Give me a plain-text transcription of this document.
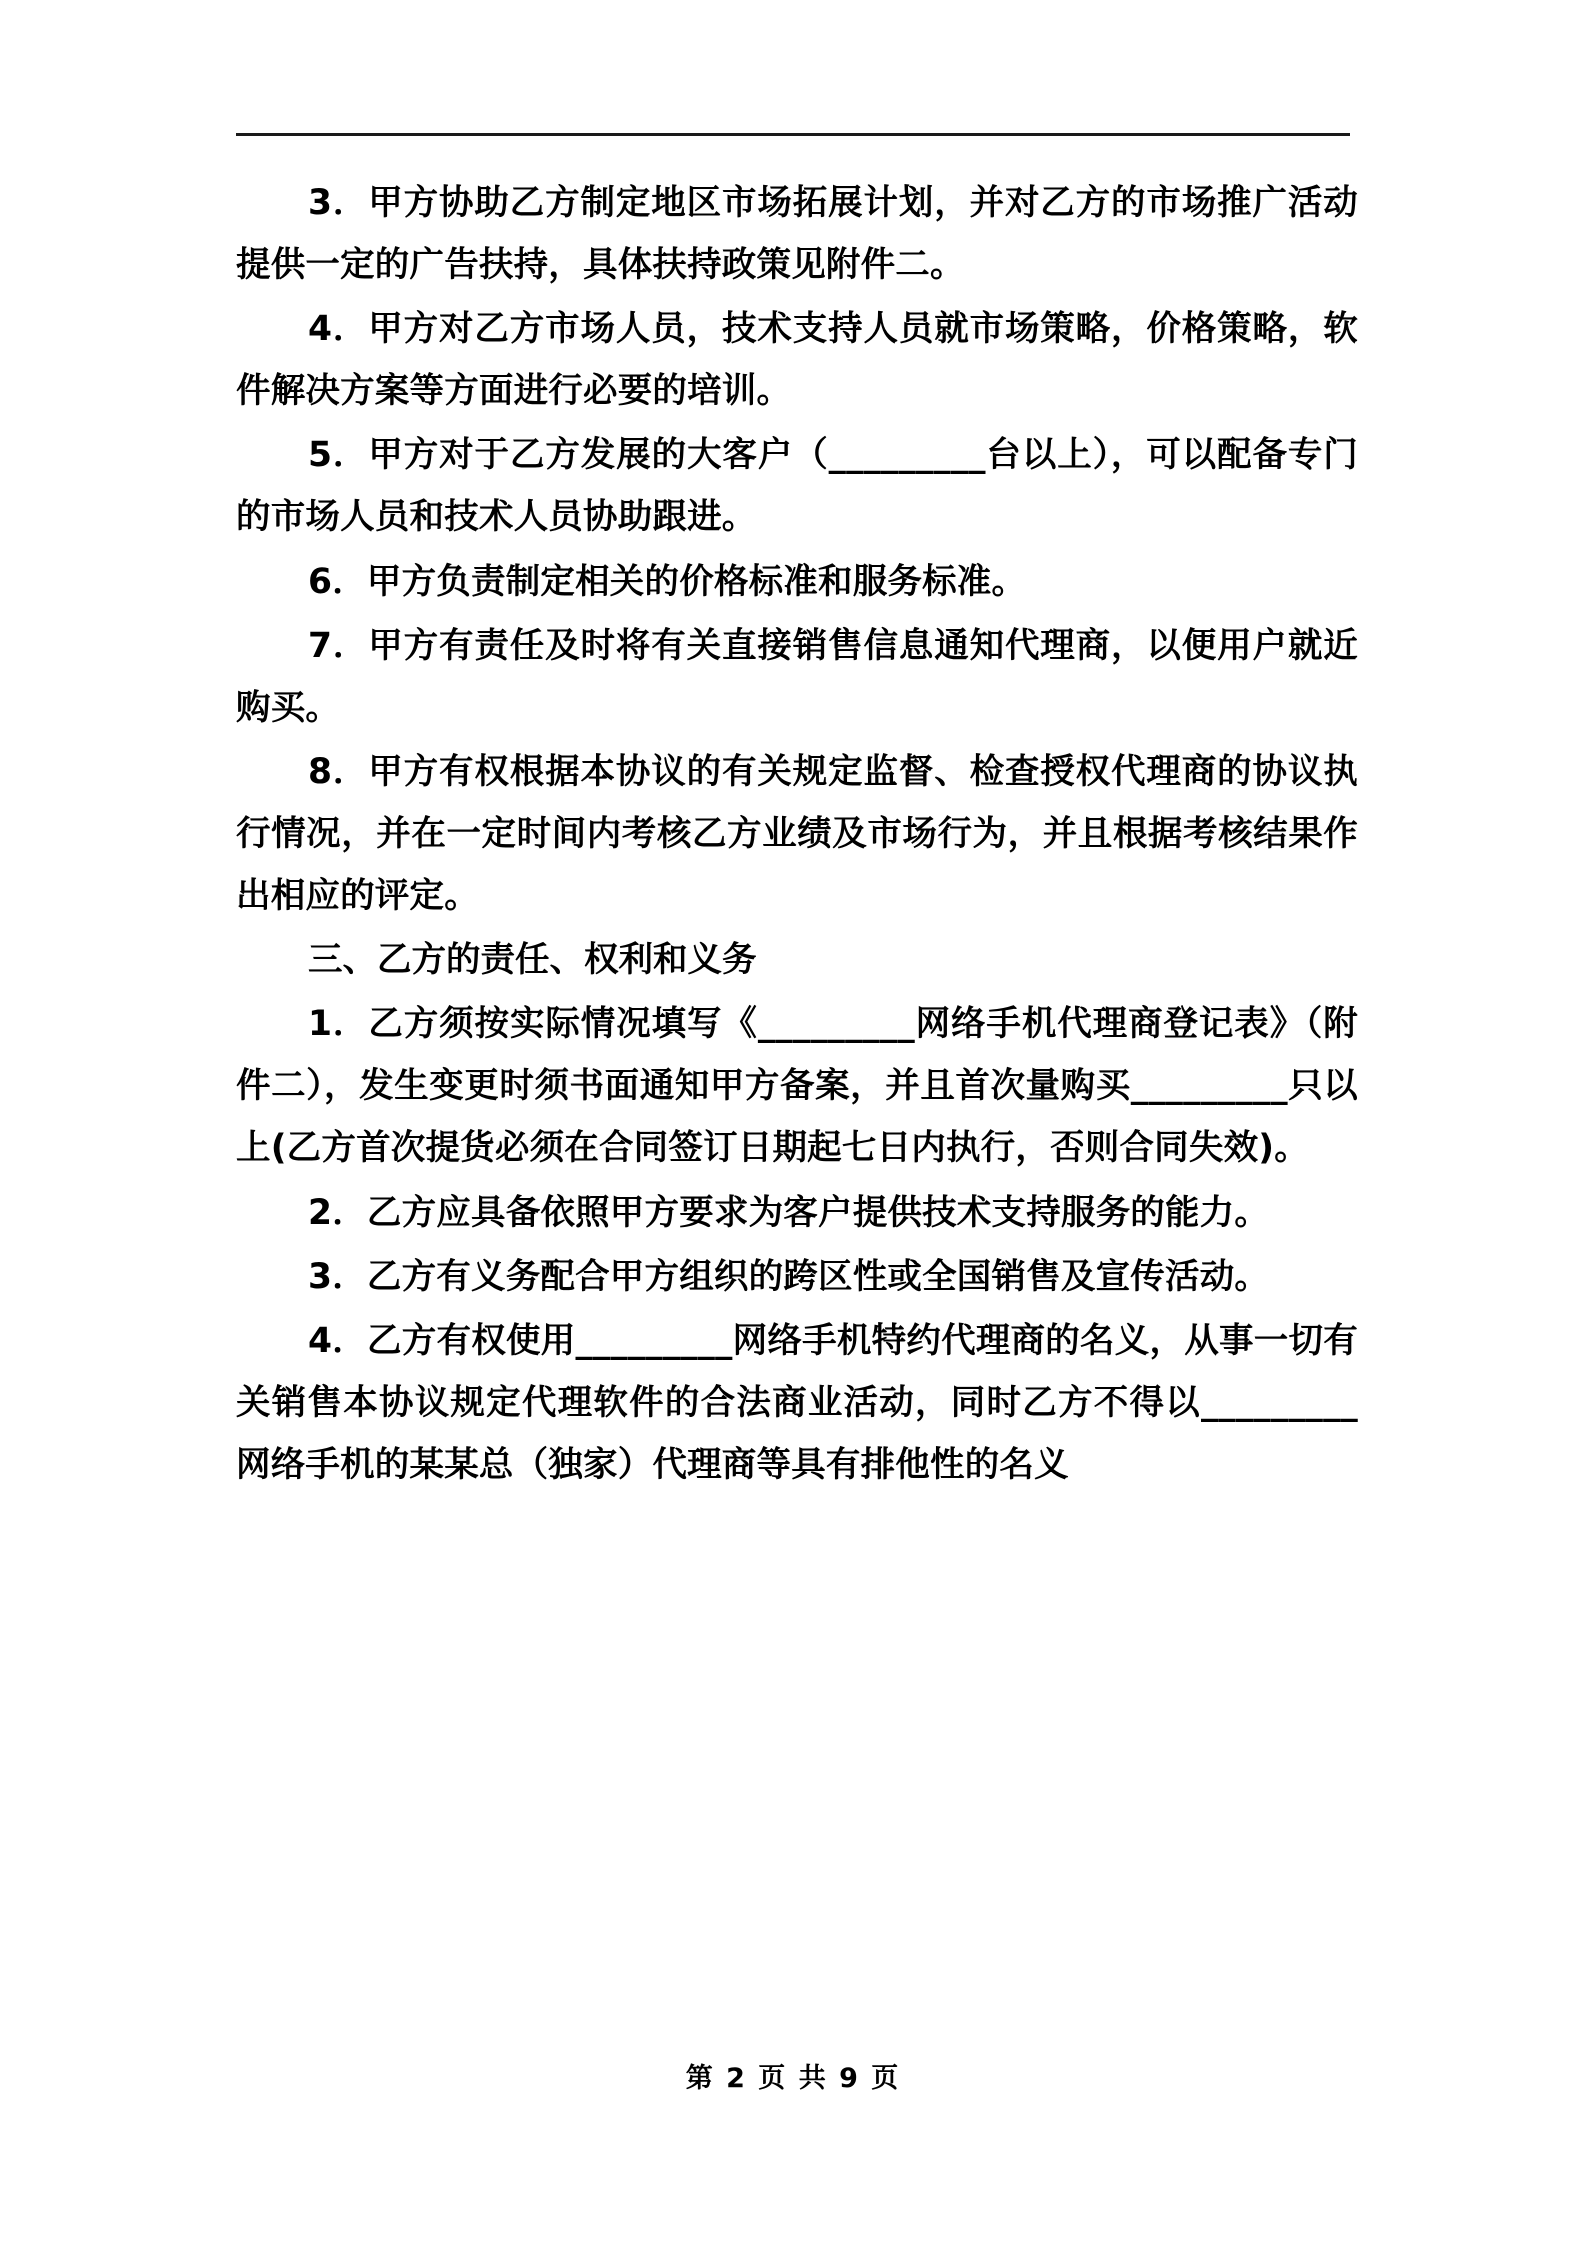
3．甲方协助乙方制定地区市场拓展计划，并对乙方的市场推广活动提供一定的广告扶持，具体扶持政策见附件二。

4．甲方对乙方市场人员，技术支持人员就市场策略，价格策略，软件解决方案等方面进行必要的培训。

5．甲方对于乙方发展的大客户（_________台以上），可以配备专门的市场人员和技术人员协助跟进。

6．甲方负责制定相关的价格标准和服务标准。

7．甲方有责任及时将有关直接销售信息通知代理商，以便用户就近购买。

8．甲方有权根据本协议的有关规定监督、检查授权代理商的协议执行情况，并在一定时间内考核乙方业绩及市场行为，并且根据考核结果作出相应的评定。

三、乙方的责任、权利和义务

1．乙方须按实际情况填写《_________网络手机代理商登记表》（附件二），发生变更时须书面通知甲方备案，并且首次量购买_________只以上(乙方首次提货必须在合同签订日期起七日内执行，否则合同失效)。

2．乙方应具备依照甲方要求为客户提供技术支持服务的能力。

3．乙方有义务配合甲方组织的跨区性或全国销售及宣传活动。

4．乙方有权使用_________网络手机特约代理商的名义，从事一切有关销售本协议规定代理软件的合法商业活动，同时乙方不得以_________网络手机的某某总（独家）代理商等具有排他性的名义

第 2 页 共 9 页
